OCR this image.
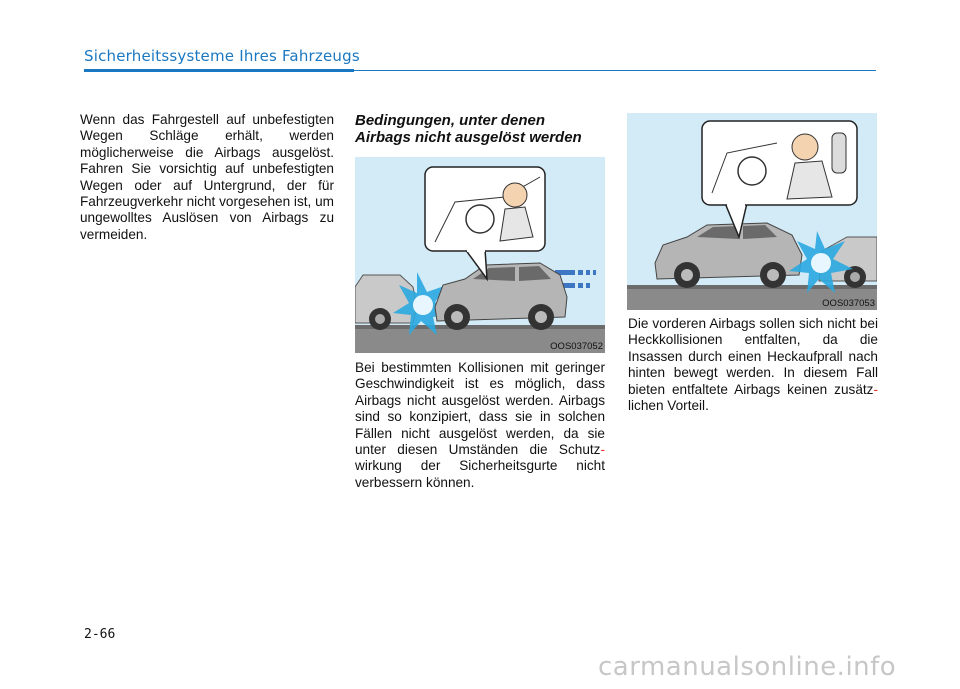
Sicherheitssysteme Ihres Fahrzeugs
Wenn das Fahrgestell auf unbefestigten Wegen Schläge erhält, werden möglicherweise die Airbags ausgelöst. Fahren Sie vorsichtig auf unbefestigten Wegen oder auf Untergrund, der für Fahrzeugverkehr nicht vorgesehen ist, um ungewolltes Auslösen von Airbags zu vermeiden.
Bedingungen, unter denen
Airbags nicht ausgelöst werden
OOS037052
Bei bestimmten Kollisionen mit geringer Geschwindigkeit ist es möglich, dass Airbags nicht ausgelöst werden. Airbags sind so konzipiert, dass sie in solchen Fällen nicht ausgelöst werden, da sie unter diesen Umständen die Schutz-wirkung der Sicherheitsgurte nicht verbessern können.
OOS037053
Die vorderen Airbags sollen sich nicht bei Heckkollisionen entfalten, da die Insassen durch einen Heckaufprall nach hinten bewegt werden. In diesem Fall bieten entfaltete Airbags keinen zusätz-lichen Vorteil.
2-66
carmanualsonline.info
